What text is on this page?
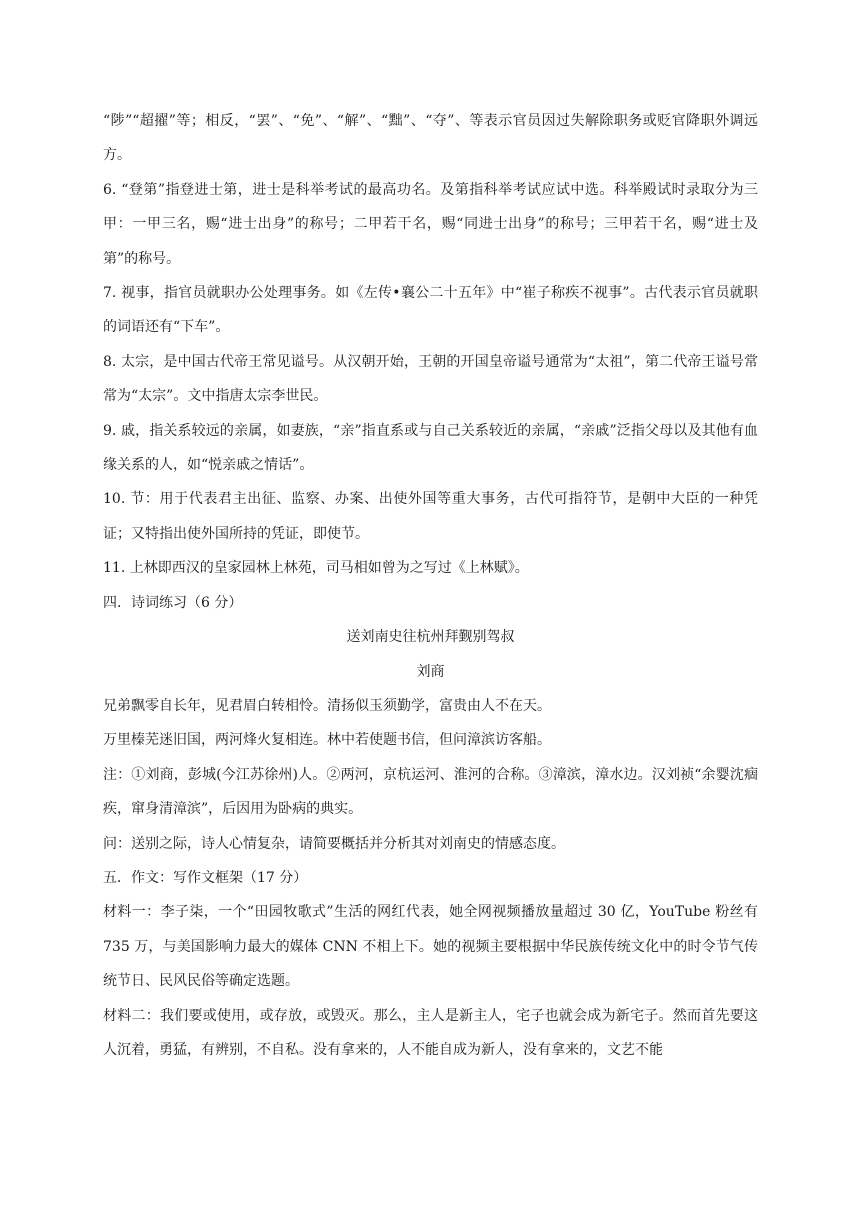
“陟”“超擢”等；相反，“罢”、“免”、“解”、“黜”、“夺”、等表示官员因过失解除职务或贬官降职外调远方。

6. “登第”指登进士第，进士是科举考试的最高功名。及第指科举考试应试中选。科举殿试时录取分为三甲：一甲三名，赐“进士出身”的称号；二甲若干名，赐“同进士出身”的称号；三甲若干名，赐“进士及第”的称号。

7. 视事，指官员就职办公处理事务。如《左传•襄公二十五年》中“崔子称疾不视事”。古代表示官员就职的词语还有“下车”。

8. 太宗，是中国古代帝王常见谥号。从汉朝开始，王朝的开国皇帝谥号通常为“太祖”，第二代帝王谥号常常为“太宗”。文中指唐太宗李世民。

9. 戚，指关系较远的亲属，如妻族，“亲”指直系或与自己关系较近的亲属，“亲戚”泛指父母以及其他有血缘关系的人，如“悦亲戚之情话”。

10. 节：用于代表君主出征、监察、办案、出使外国等重大事务，古代可指符节，是朝中大臣的一种凭证；又特指出使外国所持的凭证，即使节。

11. 上林即西汉的皇家园林上林苑，司马相如曾为之写过《上林赋》。

四．诗词练习（6 分）

送刘南史往杭州拜觐别驾叔

刘商

兄弟飘零自长年，见君眉白转相怜。清扬似玉须勤学，富贵由人不在天。

万里榛芜迷旧国，两河烽火复相连。林中若使题书信，但问漳滨访客船。

注：①刘商，彭城(今江苏徐州)人。②两河，京杭运河、淮河的合称。③漳滨，漳水边。汉刘祯“余婴沈痼疾，窜身清漳滨”，后因用为卧病的典实。

问：送别之际，诗人心情复杂，请简要概括并分析其对刘南史的情感态度。

五．作文：写作文框架（17 分）

材料一：李子柒，一个“田园牧歌式”生活的网红代表，她全网视频播放量超过 30 亿，YouTube 粉丝有 735 万，与美国影响力最大的媒体 CNN 不相上下。她的视频主要根据中华民族传统文化中的时令节气传统节日、民风民俗等确定选题。

材料二：我们要或使用，或存放，或毁灭。那么，主人是新主人，宅子也就会成为新宅子。然而首先要这人沉着，勇猛，有辨别，不自私。没有拿来的，人不能自成为新人，没有拿来的，文艺不能
